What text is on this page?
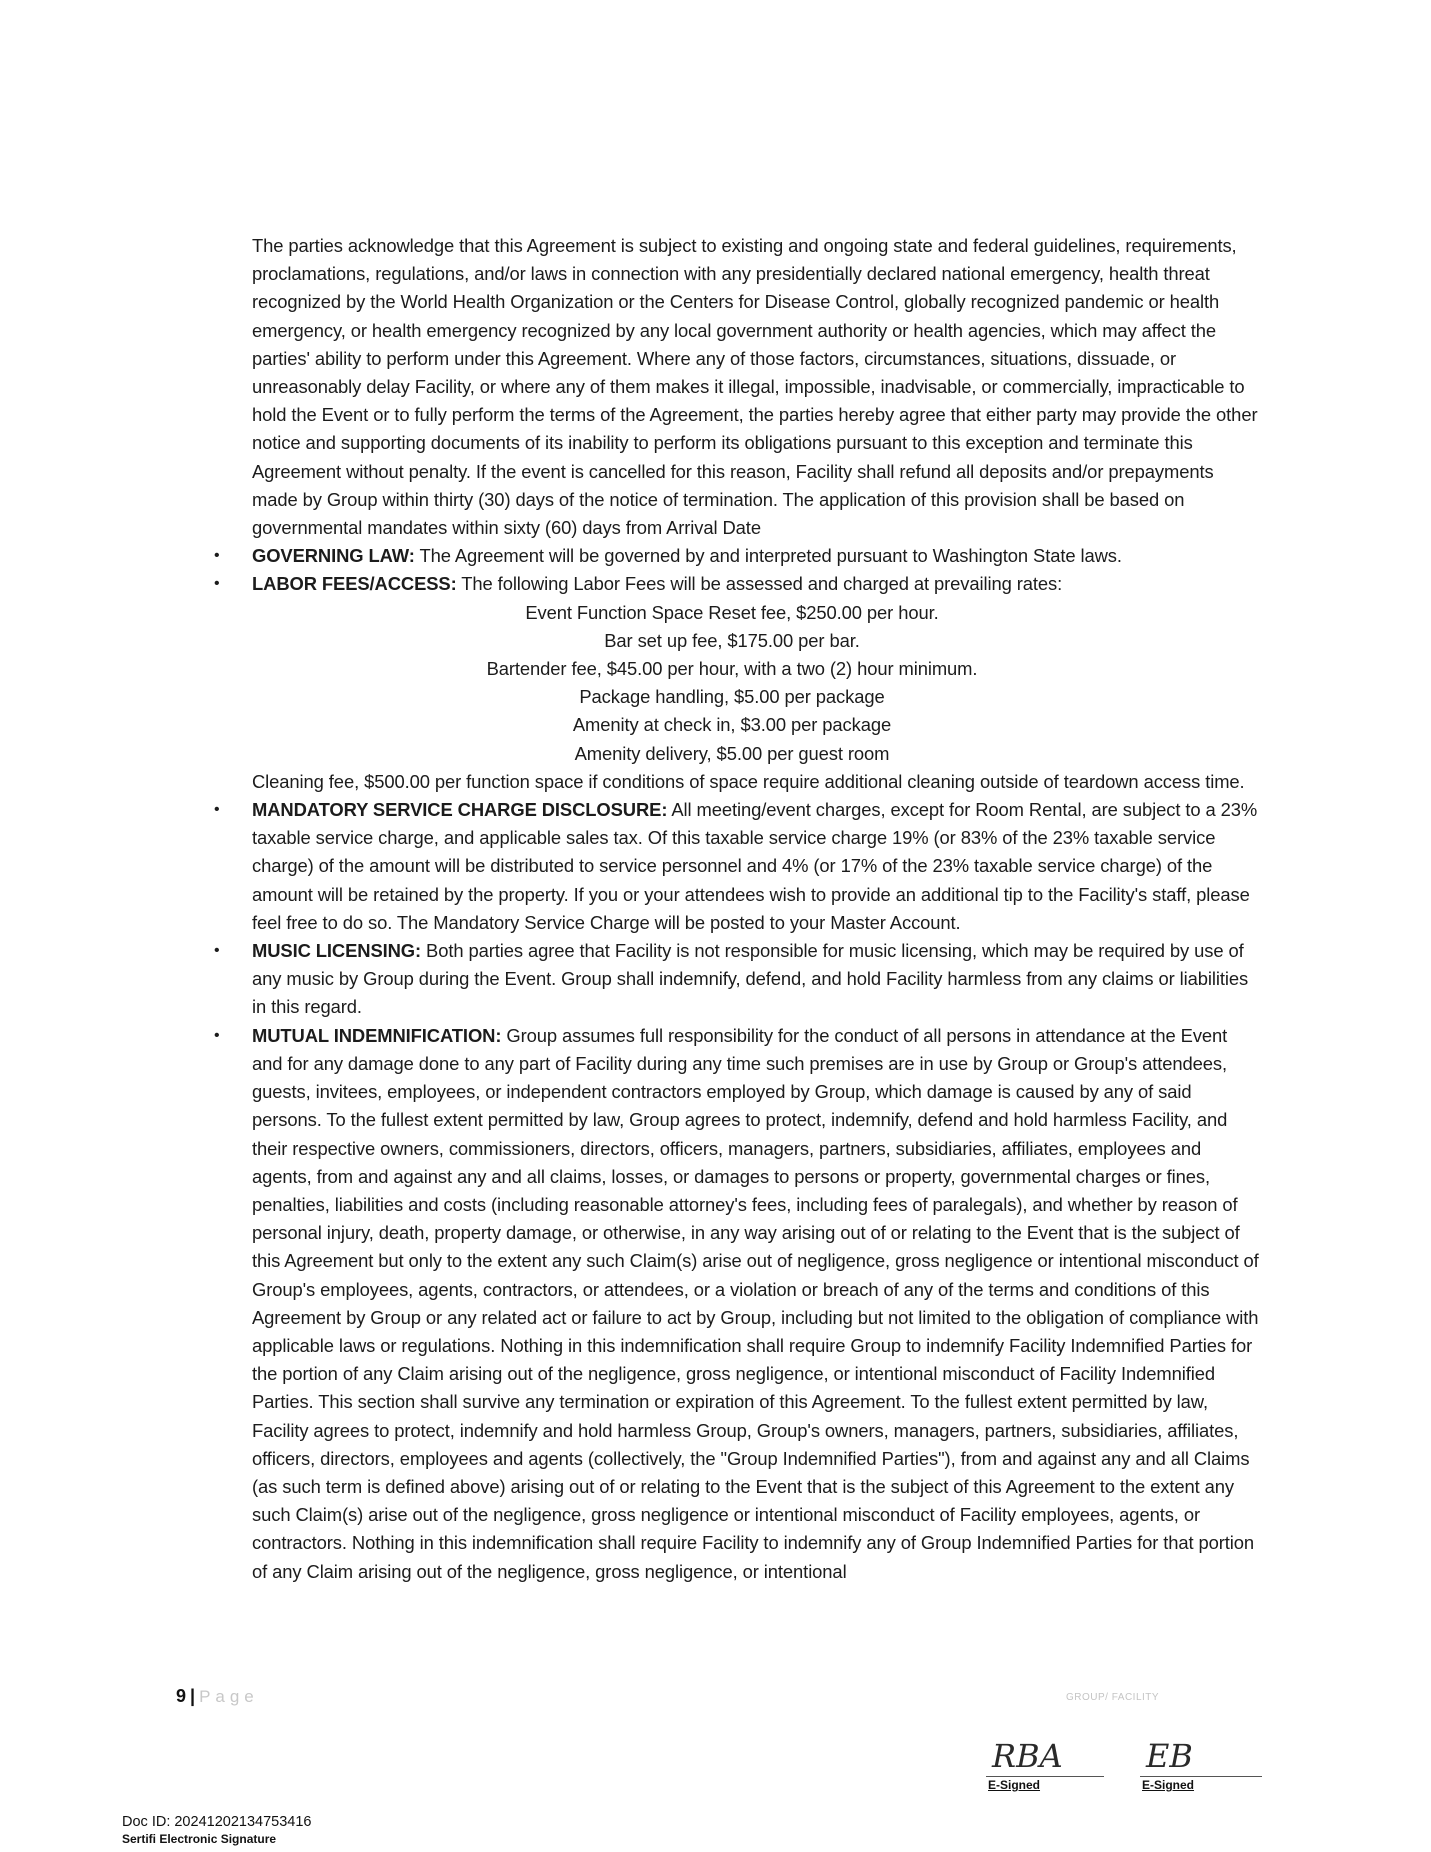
The parties acknowledge that this Agreement is subject to existing and ongoing state and federal guidelines, requirements, proclamations, regulations, and/or laws in connection with any presidentially declared national emergency, health threat recognized by the World Health Organization or the Centers for Disease Control, globally recognized pandemic or health emergency, or health emergency recognized by any local government authority or health agencies, which may affect the parties' ability to perform under this Agreement. Where any of those factors, circumstances, situations, dissuade, or unreasonably delay Facility, or where any of them makes it illegal, impossible, inadvisable, or commercially, impracticable to hold the Event or to fully perform the terms of the Agreement, the parties hereby agree that either party may provide the other notice and supporting documents of its inability to perform its obligations pursuant to this exception and terminate this Agreement without penalty. If the event is cancelled for this reason, Facility shall refund all deposits and/or prepayments made by Group within thirty (30) days of the notice of termination. The application of this provision shall be based on governmental mandates within sixty (60) days from Arrival Date

• GOVERNING LAW: The Agreement will be governed by and interpreted pursuant to Washington State laws.

• LABOR FEES/ACCESS: The following Labor Fees will be assessed and charged at prevailing rates:

Event Function Space Reset fee, $250.00 per hour.
Bar set up fee, $175.00 per bar.
Bartender fee, $45.00 per hour, with a two (2) hour minimum.
Package handling, $5.00 per package
Amenity at check in, $3.00 per package
Amenity delivery, $5.00 per guest room

Cleaning fee, $500.00 per function space if conditions of space require additional cleaning outside of teardown access time.

• MANDATORY SERVICE CHARGE DISCLOSURE: All meeting/event charges, except for Room Rental, are subject to a 23% taxable service charge, and applicable sales tax. Of this taxable service charge 19% (or 83% of the 23% taxable service charge) of the amount will be distributed to service personnel and 4% (or 17% of the 23% taxable service charge) of the amount will be retained by the property. If you or your attendees wish to provide an additional tip to the Facility's staff, please feel free to do so. The Mandatory Service Charge will be posted to your Master Account.

• MUSIC LICENSING: Both parties agree that Facility is not responsible for music licensing, which may be required by use of any music by Group during the Event. Group shall indemnify, defend, and hold Facility harmless from any claims or liabilities in this regard.

• MUTUAL INDEMNIFICATION: Group assumes full responsibility for the conduct of all persons in attendance at the Event and for any damage done to any part of Facility during any time such premises are in use by Group or Group's attendees, guests, invitees, employees, or independent contractors employed by Group, which damage is caused by any of said persons. To the fullest extent permitted by law, Group agrees to protect, indemnify, defend and hold harmless Facility, and their respective owners, commissioners, directors, officers, managers, partners, subsidiaries, affiliates, employees and agents, from and against any and all claims, losses, or damages to persons or property, governmental charges or fines, penalties, liabilities and costs (including reasonable attorney's fees, including fees of paralegals), and whether by reason of personal injury, death, property damage, or otherwise, in any way arising out of or relating to the Event that is the subject of this Agreement but only to the extent any such Claim(s) arise out of negligence, gross negligence or intentional misconduct of Group's employees, agents, contractors, or attendees, or a violation or breach of any of the terms and conditions of this Agreement by Group or any related act or failure to act by Group, including but not limited to the obligation of compliance with applicable laws or regulations. Nothing in this indemnification shall require Group to indemnify Facility Indemnified Parties for the portion of any Claim arising out of the negligence, gross negligence, or intentional misconduct of Facility Indemnified Parties. This section shall survive any termination or expiration of this Agreement. To the fullest extent permitted by law, Facility agrees to protect, indemnify and hold harmless Group, Group's owners, managers, partners, subsidiaries, affiliates, officers, directors, employees and agents (collectively, the "Group Indemnified Parties"), from and against any and all Claims (as such term is defined above) arising out of or relating to the Event that is the subject of this Agreement to the extent any such Claim(s) arise out of the negligence, gross negligence or intentional misconduct of Facility employees, agents, or contractors. Nothing in this indemnification shall require Facility to indemnify any of Group Indemnified Parties for that portion of any Claim arising out of the negligence, gross negligence, or intentional

9 | Page	GROUP/ FACILITY
Doc ID: 20241202134753416
Sertifi Electronic Signature
RBA
E-Signed
EB
E-Signed
